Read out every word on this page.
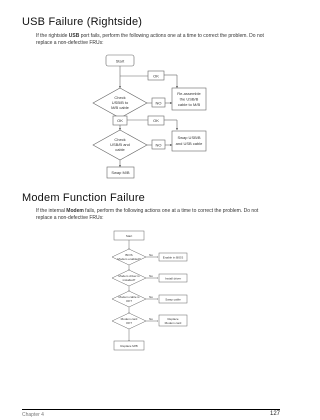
USB Failure (Rightside)

If the rightside USB port fails, perform the following actions one at a time to correct the problem. Do not replace a non-defective FRUs:

Start
OK
Check
USB/B to
M/B cable
NO
Re-assemble
the USB/B
cable to M/B
OK	OK
Check
USB/B and
cable
NO
Swap USB/B
and USB cable
Swap M/B
Modem Function Failure

If the internal Modem fails, perform the following actions one at a time to correct the problem. Do not replace a non-defective FRUs:

Start
BIOS
Modem enabled?
No
Enable in BIOS
Modem driver is
installed?
No
Install driver
Modem cable is
OK?
No
Swap cable
Modem card
OK?
No	Replace
Modem card
Replace M/B
Chapter 4	127
